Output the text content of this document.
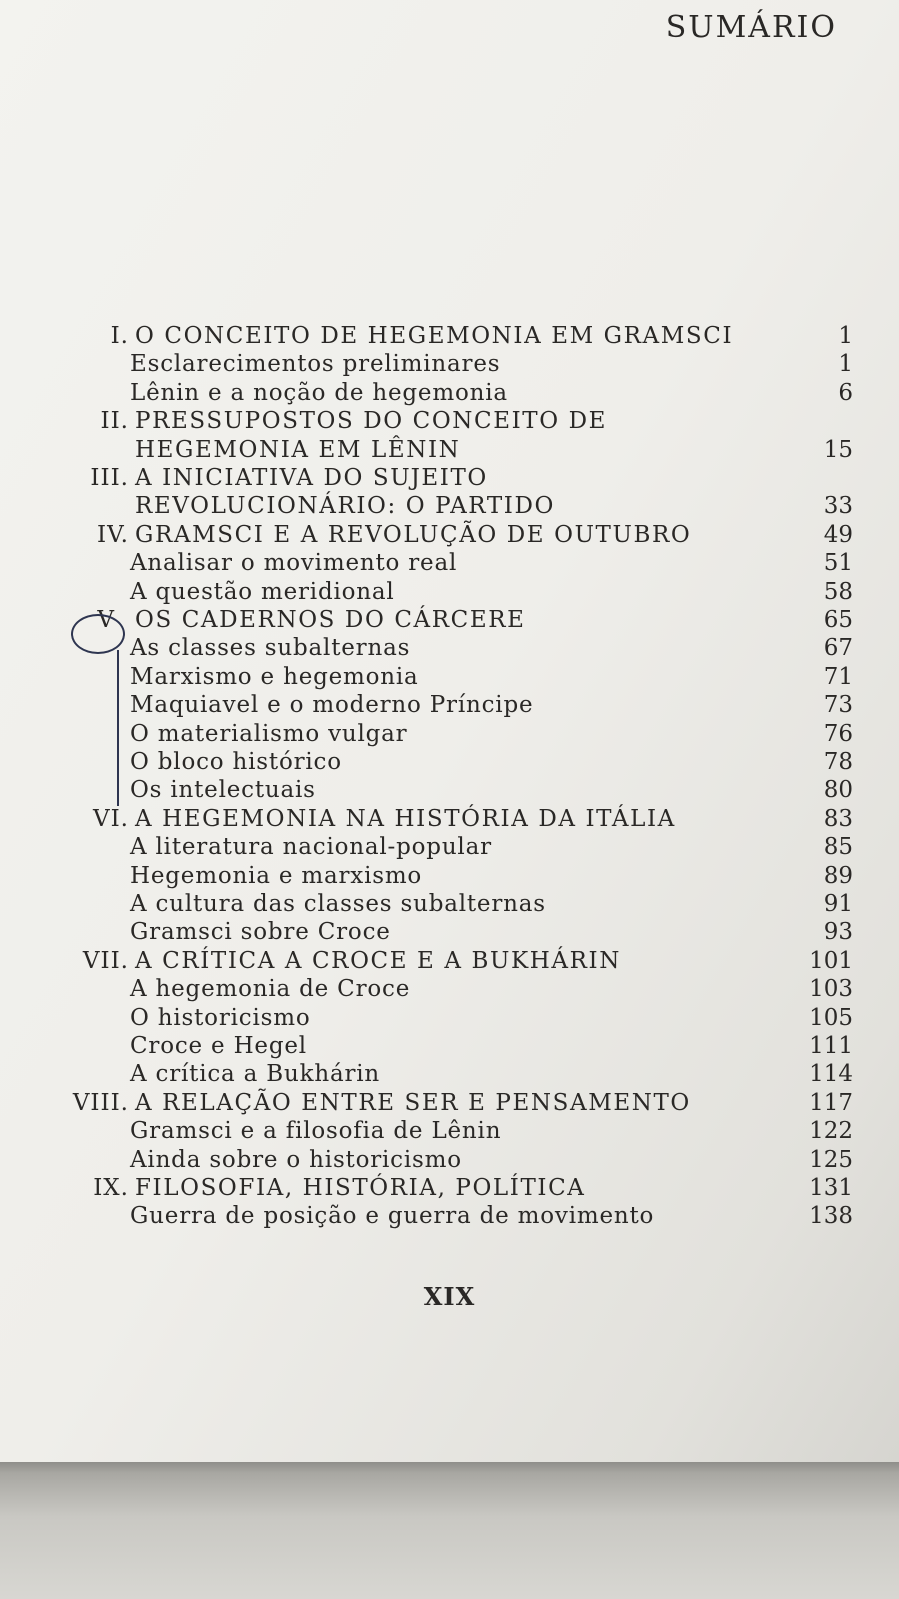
SUMÁRIO
I. O CONCEITO DE HEGEMONIA EM GRAMSCI	1
Esclarecimentos preliminares	1
Lênin e a noção de hegemonia	6
II. PRESSUPOSTOS DO CONCEITO DE
HEGEMONIA EM LÊNIN	15
III. A INICIATIVA DO SUJEITO
REVOLUCIONÁRIO: O PARTIDO	33
IV. GRAMSCI E A REVOLUÇÃO DE OUTUBRO	49
Analisar o movimento real	51
A questão meridional	58
V OS CADERNOS DO CÁRCERE	65
As classes subalternas	67
Marxismo e hegemonia	71
Maquiavel e o moderno Príncipe	73
O materialismo vulgar	76
O bloco histórico	78
Os intelectuais	80
VI. A HEGEMONIA NA HISTÓRIA DA ITÁLIA	83
A literatura nacional-popular	85
Hegemonia e marxismo	89
A cultura das classes subalternas	91
Gramsci sobre Croce	93
VII. A CRÍTICA A CROCE E A BUKHÁRIN	101
A hegemonia de Croce	103
O historicismo	105
Croce e Hegel	111
A crítica a Bukhárin	114
VIII. A RELAÇÃO ENTRE SER E PENSAMENTO	117
Gramsci e a filosofia de Lênin	122
Ainda sobre o historicismo	125
IX. FILOSOFIA, HISTÓRIA, POLÍTICA	131
Guerra de posição e guerra de movimento	138
XIX
